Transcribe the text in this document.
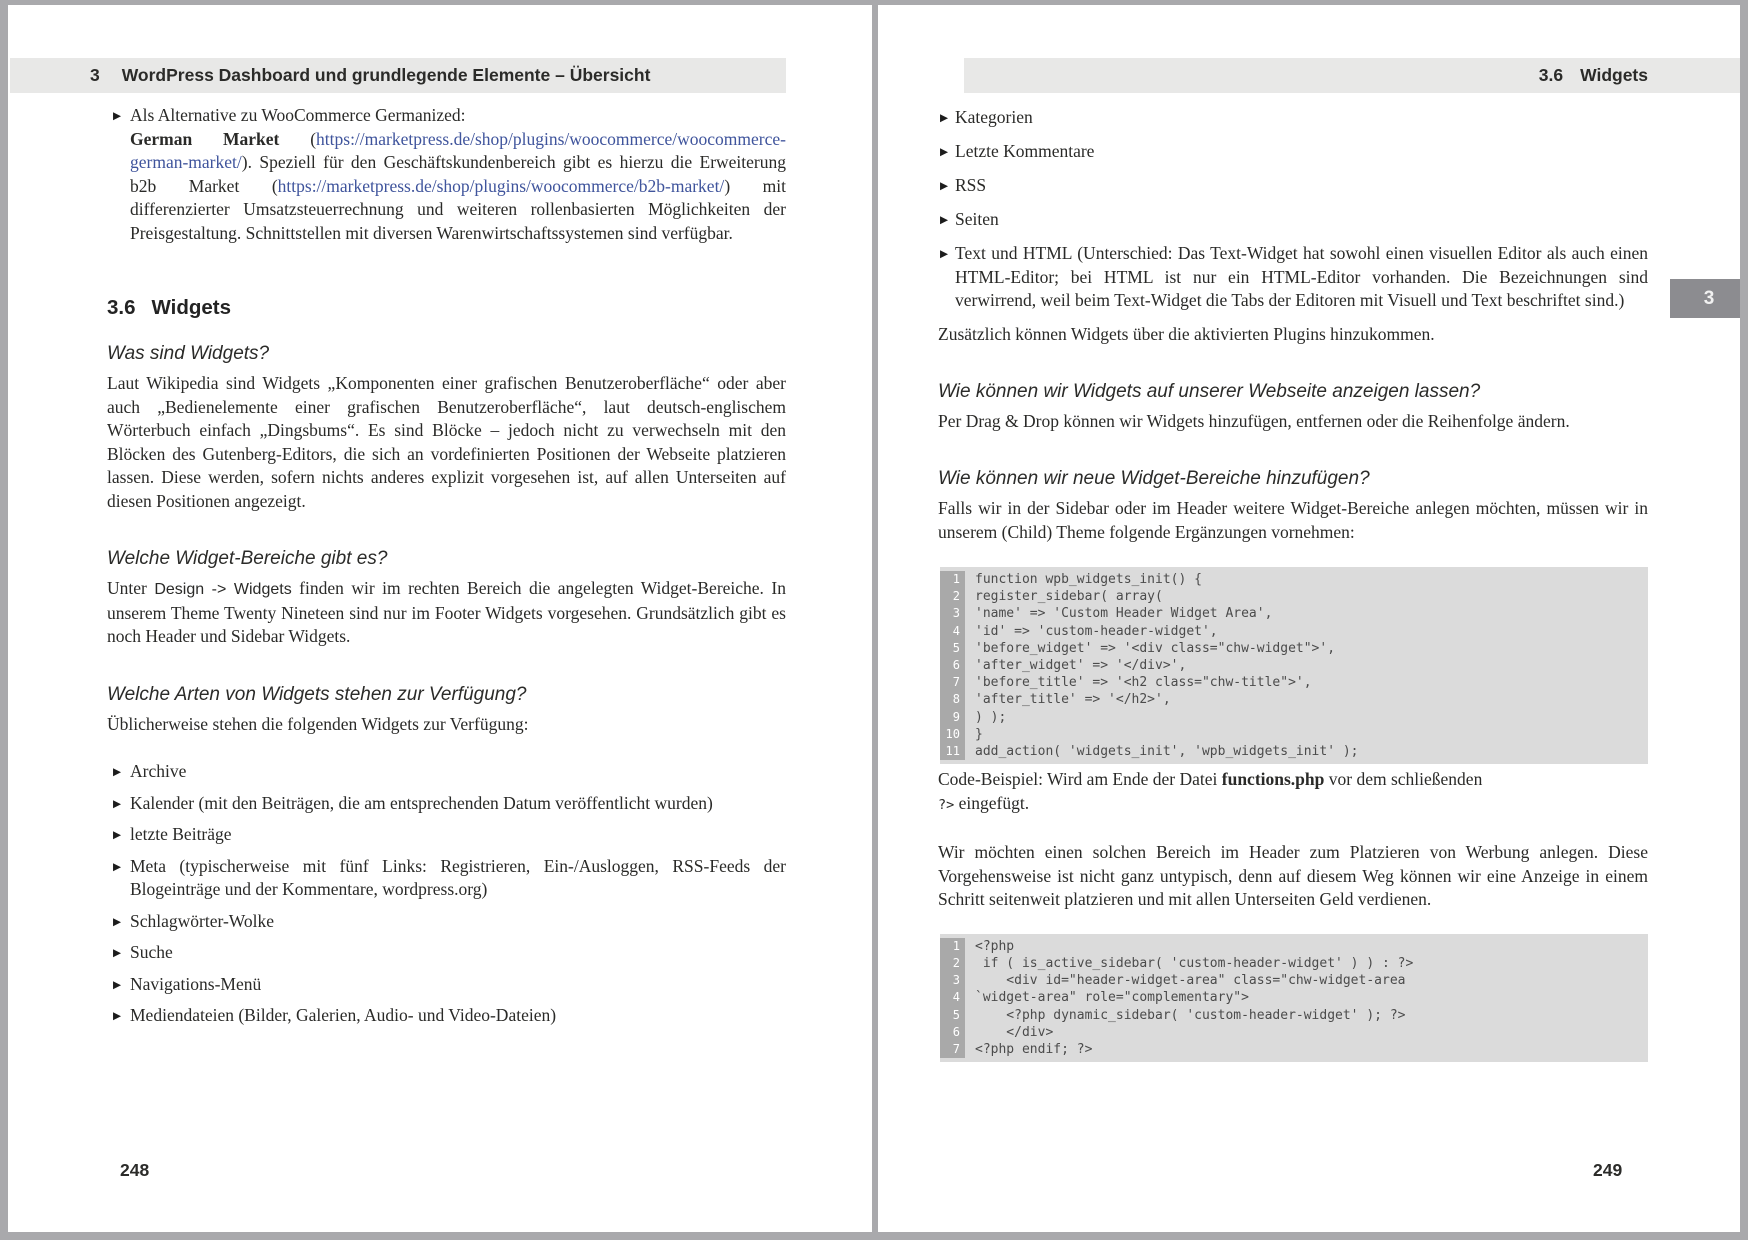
3 WordPress Dashboard und grundlegende Elemente – Übersicht
▶ Als Alternative zu WooCommerce Germanized:
German Market (https://marketpress.de/shop/plugins/woocommerce/woocommerce-german-market/). Speziell für den Geschäftskundenbereich gibt es hierzu die Erweiterung b2b Market (https://marketpress.de/shop/plugins/woocommerce/b2b-market/) mit differenzierter Umsatzsteuerrechnung und weiteren rollenbasierten Möglichkeiten der Preisgestaltung. Schnittstellen mit diversen Warenwirtschaftssystemen sind verfügbar.
3.6 Widgets
Was sind Widgets?

Laut Wikipedia sind Widgets „Komponenten einer grafischen Benutzeroberfläche“ oder aber auch „Bedienelemente einer grafischen Benutzeroberfläche“, laut deutsch-englischem Wörterbuch einfach „Dingsbums“. Es sind Blöcke – jedoch nicht zu verwechseln mit den Blöcken des Gutenberg-Editors, die sich an vordefinierten Positionen der Webseite platzieren lassen. Diese werden, sofern nichts anderes explizit vorgesehen ist, auf allen Unterseiten auf diesen Positionen angezeigt.

Welche Widget-Bereiche gibt es?

Unter Design -> Widgets finden wir im rechten Bereich die angelegten Widget-Bereiche. In unserem Theme Twenty Nineteen sind nur im Footer Widgets vorgesehen. Grundsätzlich gibt es noch Header und Sidebar Widgets.

Welche Arten von Widgets stehen zur Verfügung?

Üblicherweise stehen die folgenden Widgets zur Verfügung:

▶ Archive
▶ Kalender (mit den Beiträgen, die am entsprechenden Datum veröffentlicht wurden)
▶ letzte Beiträge
▶ Meta (typischerweise mit fünf Links: Registrieren, Ein-/Ausloggen, RSS-Feeds der Blogeinträge und der Kommentare, wordpress.org)
▶ Schlagwörter-Wolke
▶ Suche
▶ Navigations-Menü
▶ Mediendateien (Bilder, Galerien, Audio- und Video-Dateien)
248
3.6 Widgets
▶ Kategorien
▶ Letzte Kommentare
▶ RSS
▶ Seiten
▶ Text und HTML (Unterschied: Das Text-Widget hat sowohl einen visuellen Editor als auch einen HTML-Editor; bei HTML ist nur ein HTML-Editor vorhanden. Die Bezeichnungen sind verwirrend, weil beim Text-Widget die Tabs der Editoren mit Visuell und Text beschriftet sind.)

Zusätzlich können Widgets über die aktivierten Plugins hinzukommen.

Wie können wir Widgets auf unserer Webseite anzeigen lassen?

Per Drag & Drop können wir Widgets hinzufügen, entfernen oder die Reihenfolge ändern.

Wie können wir neue Widget-Bereiche hinzufügen?

Falls wir in der Sidebar oder im Header weitere Widget-Bereiche anlegen möchten, müssen wir in unserem (Child) Theme folgende Ergänzungen vornehmen:

1	function wpb_widgets_init() {
2	register_sidebar( array(
3	'name' => 'Custom Header Widget Area',
4	'id' => 'custom-header-widget',
5	'before_widget' => '<div class="chw-widget">',
6	'after_widget' => '</div>',
7	'before_title' => '<h2 class="chw-title">',
8	'after_title' => '</h2>',
9	) );
10	}
11	add_action( 'widgets_init', 'wpb_widgets_init' );

Code-Beispiel: Wird am Ende der Datei functions.php vor dem schließenden
?> eingefügt.

Wir möchten einen solchen Bereich im Header zum Platzieren von Werbung anlegen. Diese Vorgehensweise ist nicht ganz untypisch, denn auf diesem Weg können wir eine Anzeige in einem Schritt seitenweit platzieren und mit allen Unterseiten Geld verdienen.

1	<?php
2	if ( is_active_sidebar( 'custom-header-widget' ) ) : ?>
3	<div id="header-widget-area" class="chw-widget-area
4	`widget-area" role="complementary">
5	<?php dynamic_sidebar( 'custom-header-widget' ); ?>
6	</div>
7	<?php endif; ?>
249
3
